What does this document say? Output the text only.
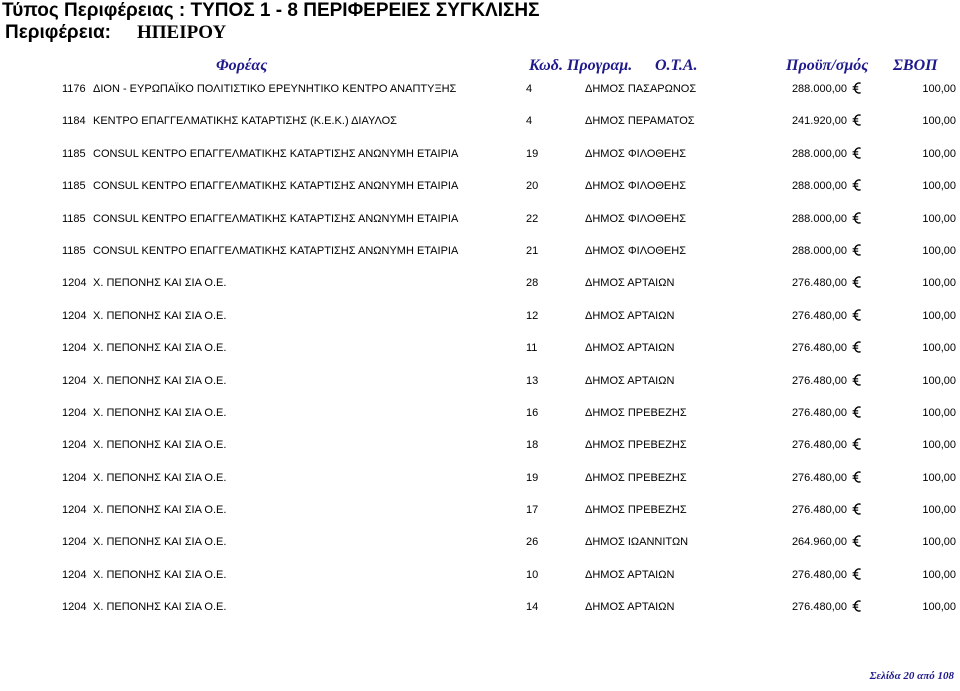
Τύπος Περιφέρειας : ΤΥΠΟΣ 1 - 8 ΠΕΡΙΦΕΡΕΙΕΣ ΣΥΓΚΛΙΣΗΣ
Περιφέρεια: ΗΠΕΙΡΟΥ
Φορέας	Κωδ. Προγραμ. Ο.Τ.Α.	Προϋπ/σμός ΣΒΟΠ
1176 ΔΙΟΝ - ΕΥΡΩΠΑΪΚΟ ΠΟΛΙΤΙΣΤΙΚΟ ΕΡΕΥΝΗΤΙΚΟ ΚΕΝΤΡΟ ΑΝΑΠΤΥΞΗΣ	4	ΔΗΜΟΣ ΠΑΣΑΡΩΝΟΣ	288.000,00	100,00
1184 ΚΕΝΤΡΟ ΕΠΑΓΓΕΛΜΑΤΙΚΗΣ ΚΑΤΑΡΤΙΣΗΣ (Κ.Ε.Κ.) ΔΙΑΥΛΟΣ	4	ΔΗΜΟΣ ΠΕΡΑΜΑΤΟΣ	241.920,00	100,00
1185 CONSUL ΚΕΝΤΡΟ ΕΠΑΓΓΕΛΜΑΤΙΚΗΣ ΚΑΤΑΡΤΙΣΗΣ ΑΝΩΝΥΜΗ ΕΤΑΙΡΙΑ	19	ΔΗΜΟΣ ΦΙΛΟΘΕΗΣ	288.000,00	100,00
1185 CONSUL ΚΕΝΤΡΟ ΕΠΑΓΓΕΛΜΑΤΙΚΗΣ ΚΑΤΑΡΤΙΣΗΣ ΑΝΩΝΥΜΗ ΕΤΑΙΡΙΑ	20	ΔΗΜΟΣ ΦΙΛΟΘΕΗΣ	288.000,00	100,00
1185 CONSUL ΚΕΝΤΡΟ ΕΠΑΓΓΕΛΜΑΤΙΚΗΣ ΚΑΤΑΡΤΙΣΗΣ ΑΝΩΝΥΜΗ ΕΤΑΙΡΙΑ	22	ΔΗΜΟΣ ΦΙΛΟΘΕΗΣ	288.000,00	100,00
1185 CONSUL ΚΕΝΤΡΟ ΕΠΑΓΓΕΛΜΑΤΙΚΗΣ ΚΑΤΑΡΤΙΣΗΣ ΑΝΩΝΥΜΗ ΕΤΑΙΡΙΑ	21	ΔΗΜΟΣ ΦΙΛΟΘΕΗΣ	288.000,00	100,00
1204 Χ. ΠΕΠΟΝΗΣ ΚΑΙ ΣΙΑ Ο.Ε.	28	ΔΗΜΟΣ ΑΡΤΑΙΩΝ	276.480,00	100,00
1204 Χ. ΠΕΠΟΝΗΣ ΚΑΙ ΣΙΑ Ο.Ε.	12	ΔΗΜΟΣ ΑΡΤΑΙΩΝ	276.480,00	100,00
1204 Χ. ΠΕΠΟΝΗΣ ΚΑΙ ΣΙΑ Ο.Ε.	11	ΔΗΜΟΣ ΑΡΤΑΙΩΝ	276.480,00	100,00
1204 Χ. ΠΕΠΟΝΗΣ ΚΑΙ ΣΙΑ Ο.Ε.	13	ΔΗΜΟΣ ΑΡΤΑΙΩΝ	276.480,00	100,00
1204 Χ. ΠΕΠΟΝΗΣ ΚΑΙ ΣΙΑ Ο.Ε.	16	ΔΗΜΟΣ ΠΡΕΒΕΖΗΣ	276.480,00	100,00
1204 Χ. ΠΕΠΟΝΗΣ ΚΑΙ ΣΙΑ Ο.Ε.	18	ΔΗΜΟΣ ΠΡΕΒΕΖΗΣ	276.480,00	100,00
1204 Χ. ΠΕΠΟΝΗΣ ΚΑΙ ΣΙΑ Ο.Ε.	19	ΔΗΜΟΣ ΠΡΕΒΕΖΗΣ	276.480,00	100,00
1204 Χ. ΠΕΠΟΝΗΣ ΚΑΙ ΣΙΑ Ο.Ε.	17	ΔΗΜΟΣ ΠΡΕΒΕΖΗΣ	276.480,00	100,00
1204 Χ. ΠΕΠΟΝΗΣ ΚΑΙ ΣΙΑ Ο.Ε.	26	ΔΗΜΟΣ ΙΩΑΝΝΙΤΩΝ	264.960,00	100,00
1204 Χ. ΠΕΠΟΝΗΣ ΚΑΙ ΣΙΑ Ο.Ε.	10	ΔΗΜΟΣ ΑΡΤΑΙΩΝ	276.480,00	100,00
1204 Χ. ΠΕΠΟΝΗΣ ΚΑΙ ΣΙΑ Ο.Ε.	14	ΔΗΜΟΣ ΑΡΤΑΙΩΝ	276.480,00	100,00
Σελίδα 20 από 108
